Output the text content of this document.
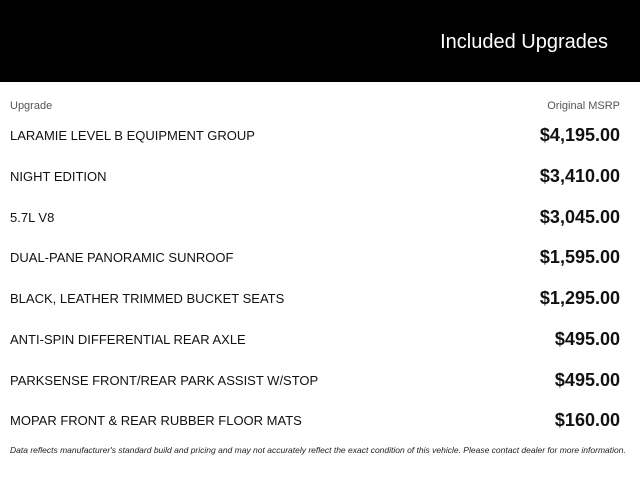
Included Upgrades
Upgrade	Original MSRP
LARAMIE LEVEL B EQUIPMENT GROUP	$4,195.00
NIGHT EDITION	$3,410.00
5.7L V8	$3,045.00
DUAL-PANE PANORAMIC SUNROOF	$1,595.00
BLACK, LEATHER TRIMMED BUCKET SEATS	$1,295.00
ANTI-SPIN DIFFERENTIAL REAR AXLE	$495.00
PARKSENSE FRONT/REAR PARK ASSIST W/STOP	$495.00
MOPAR FRONT & REAR RUBBER FLOOR MATS	$160.00
Data reflects manufacturer's standard build and pricing and may not accurately reflect the exact condition of this vehicle. Please contact dealer for more information.
